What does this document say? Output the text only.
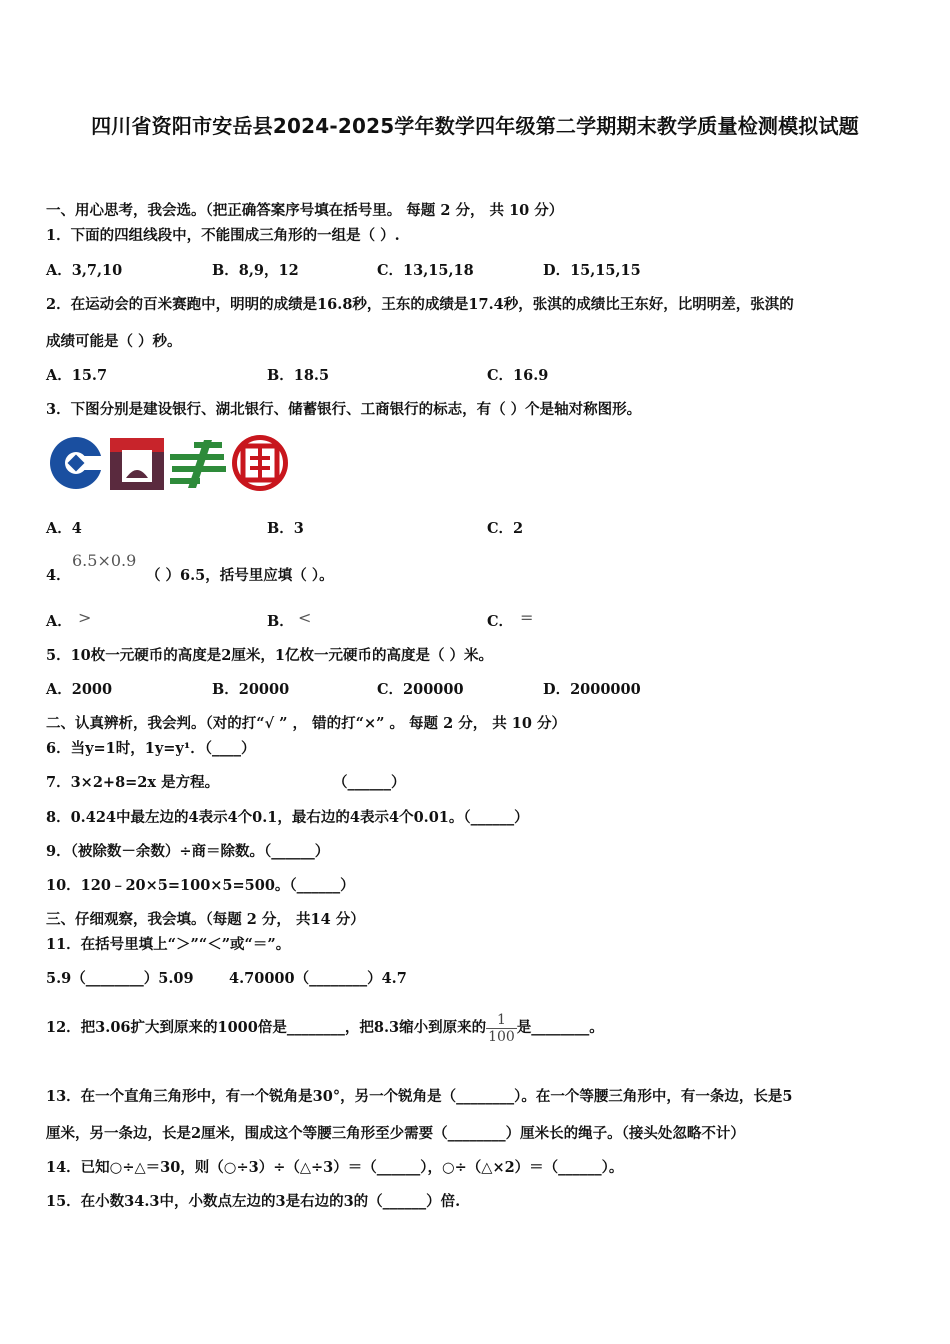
四川省资阳市安岳县2024-2025学年数学四年级第二学期期末教学质量检测模拟试题
一、用心思考，我会选。（把正确答案序号填在括号里。 每题 2 分， 共 10 分）
1．下面的四组线段中，不能围成三角形的一组是（ ）.
A．3,7,10	B．8,9，12	C．13,15,18	D．15,15,15
2．在运动会的百米赛跑中，明明的成绩是16.8秒，王东的成绩是17.4秒，张淇的成绩比王东好，比明明差，张淇的
成绩可能是（ ）秒。
A．15.7	B．18.5	C．16.9
3．下图分别是建设银行、湖北银行、储蓄银行、工商银行的标志，有（ ）个是轴对称图形。
A．4	B．3	C．2
4．
6.5×0.9
（ ）6.5，括号里应填（ ）。
A． >	B． <	C． =
5．10枚一元硬币的高度是2厘米，1亿枚一元硬币的高度是（ ）米。
A．2000	B．20000	C．200000	D．2000000
二、认真辨析，我会判。（对的打“√ ” ， 错的打“×” 。 每题 2 分， 共 10 分）
6．当y=1时，1y=y¹．（____）
7．3×2+8=2x 是方程。	（______）
8．0.424中最左边的4表示4个0.1，最右边的4表示4个0.01。（______）
9．（被除数－余数）÷商＝除数。（______）
10．120﹣20×5=100×5=500。（______）
三、仔细观察，我会填。（每题 2 分， 共14 分）
11．在括号里填上“＞”“＜”或“＝”。
5.9（________）5.09 4.70000（________）4.7
12．把3.06扩大到原来的1000倍是________，把8.3缩小到原来的 $\frac{1}{100}$ 是________。
13．在一个直角三角形中，有一个锐角是30°，另一个锐角是（________）。在一个等腰三角形中，有一条边，长是5
厘米，另一条边，长是2厘米，围成这个等腰三角形至少需要（________）厘米长的绳子。（接头处忽略不计）
14．已知○÷△＝30，则（○÷3）÷（△÷3）＝（______），○÷（△×2）＝（______）。
15．在小数34.3中，小数点左边的3是右边的3的（______）倍.
